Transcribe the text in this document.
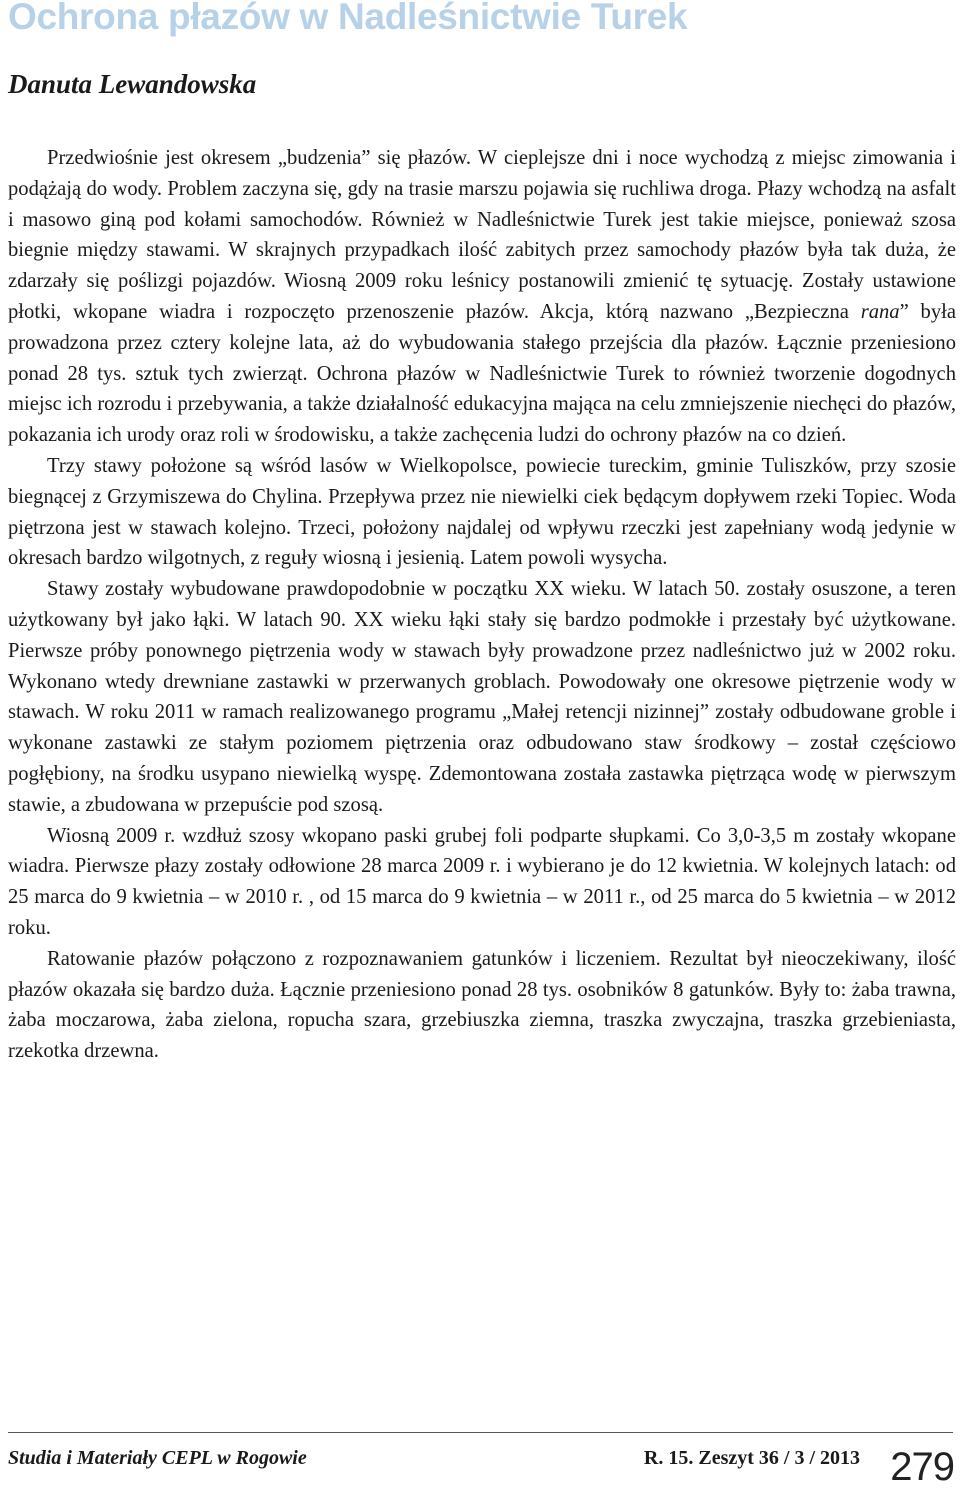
Ochrona płazów w Nadleśnictwie Turek
Danuta Lewandowska

Przedwiośnie jest okresem „budzenia” się płazów. W cieplejsze dni i noce wychodzą z miejsc zimowania i podążają do wody. Problem zaczyna się, gdy na trasie marszu pojawia się ruchliwa droga. Płazy wchodzą na asfalt i masowo giną pod kołami samochodów. Również w Nadleśnictwie Turek jest takie miejsce, ponieważ szosa biegnie między stawami. W skrajnych przypadkach ilość zabitych przez samochody płazów była tak duża, że zdarzały się poślizgi pojazdów. Wiosną 2009 roku leśnicy postanowili zmienić tę sytuację. Zostały ustawione płotki, wkopane wiadra i rozpoczęto przenoszenie płazów. Akcja, którą nazwano „Bezpieczna rana” była prowadzona przez cztery kolejne lata, aż do wybudowania stałego przejścia dla płazów. Łącznie przeniesiono ponad 28 tys. sztuk tych zwierząt. Ochrona płazów w Nadleśnictwie Turek to również tworzenie dogodnych miejsc ich rozrodu i przebywania, a także działalność edukacyjna mająca na celu zmniejszenie niechęci do płazów, pokazania ich urody oraz roli w środowisku, a także zachęcenia ludzi do ochrony płazów na co dzień.

Trzy stawy położone są wśród lasów w Wielkopolsce, powiecie tureckim, gminie Tuliszków, przy szosie biegnącej z Grzymiszewa do Chylina. Przepływa przez nie niewielki ciek będącym dopływem rzeki Topiec. Woda piętrzona jest w stawach kolejno. Trzeci, położony najdalej od wpływu rzeczki jest zapełniany wodą jedynie w okresach bardzo wilgotnych, z reguły wiosną i jesienią. Latem powoli wysycha.

Stawy zostały wybudowane prawdopodobnie w początku XX wieku. W latach 50. zostały osuszone, a teren użytkowany był jako łąki. W latach 90. XX wieku łąki stały się bardzo podmokłe i przestały być użytkowane. Pierwsze próby ponownego piętrzenia wody w stawach były prowadzone przez nadleśnictwo już w 2002 roku. Wykonano wtedy drewniane zastawki w przerwanych groblach. Powodowały one okresowe piętrzenie wody w stawach. W roku 2011 w ramach realizowanego programu „Małej retencji nizinnej” zostały odbudowane groble i wykonane zastawki ze stałym poziomem piętrzenia oraz odbudowano staw środkowy – został częściowo pogłębiony, na środku usypano niewielką wyspę. Zdemontowana została zastawka piętrząca wodę w pierwszym stawie, a zbudowana w przepuście pod szosą.

Wiosną 2009 r. wzdłuż szosy wkopano paski grubej foli podparte słupkami. Co 3,0-3,5 m zostały wkopane wiadra. Pierwsze płazy zostały odłowione 28 marca 2009 r. i wybierano je do 12 kwietnia. W kolejnych latach: od 25 marca do 9 kwietnia – w 2010 r. , od 15 marca do 9 kwietnia – w 2011 r., od 25 marca do 5 kwietnia – w 2012 roku.

Ratowanie płazów połączono z rozpoznawaniem gatunków i liczeniem. Rezultat był nieoczekiwany, ilość płazów okazała się bardzo duża. Łącznie przeniesiono ponad 28 tys. osobników 8 gatunków. Były to: żaba trawna, żaba moczarowa, żaba zielona, ropucha szara, grzebiuszka ziemna, traszka zwyczajna, traszka grzebieniasta, rzekotka drzewna.

Studia i Materiały CEPL w Rogowie	R. 15. Zeszyt 36 / 3 / 2013 279
